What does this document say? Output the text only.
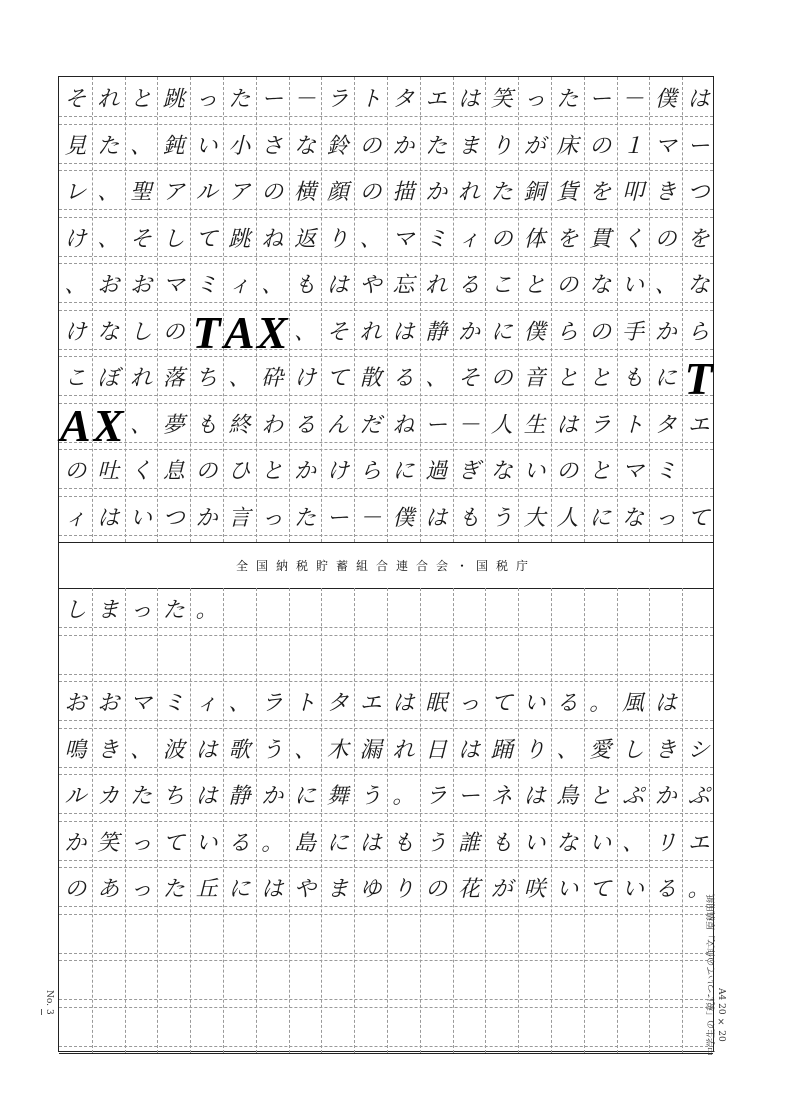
そ れ と 跳 っ た ー － ラ ト タ エ は 笑 っ た ー － 僕 は
見 た 、 鈍 い 小 さ な 鈴 の か た ま り が 床 の １ マ ー
レ 、 聖 ア ル ア の 横 顔 の 描 か れ た 銅 貨 を 叩 き つ
け 、 そ し て 跳 ね 返 り 、 マ ミ ィ の 体 を 貫 く の を
、 お お マ ミ ィ 、 も は や 忘 れ る こ と の な い 、 な
け な し の T A X 、 そ れ は 静 か に 僕 ら の 手 か ら
こ ぼ れ 落 ち 、 砕 け て 散 る 、 そ の 音 と と も に T
A X 、 夢 も 終 わ る ん だ ね ー － 人 生 は ラ ト タ エ
の 吐 く 息 の ひ と か け ら に 過 ぎ な い の と マ ミ
ィ は い つ か 言 っ た ー － 僕 は も う 大 人 に な っ て
全国納税貯蓄組合連合会・国税庁
し ま っ た 。
お お マ ミ ィ 、 ラ ト タ エ は 眠 っ て い る 。 風 は
鳴 き 、 波 は 歌 う 、 木 漏 れ 日 は 踊 り 、 愛 し き シ
ル カ た ち は 静 か に 舞 う 。 ラ ー ネ は 鳥 と ぷ か ぷ
か 笑 っ て い る 。 島 に は も う 誰 も い な い 、 リ エ
の あ っ た 丘 に は や ま ゆ り の 花 が 咲 い て い る 。
No. 3	A4 20 × 20
中学生の「税についての作文」原稿用紙
